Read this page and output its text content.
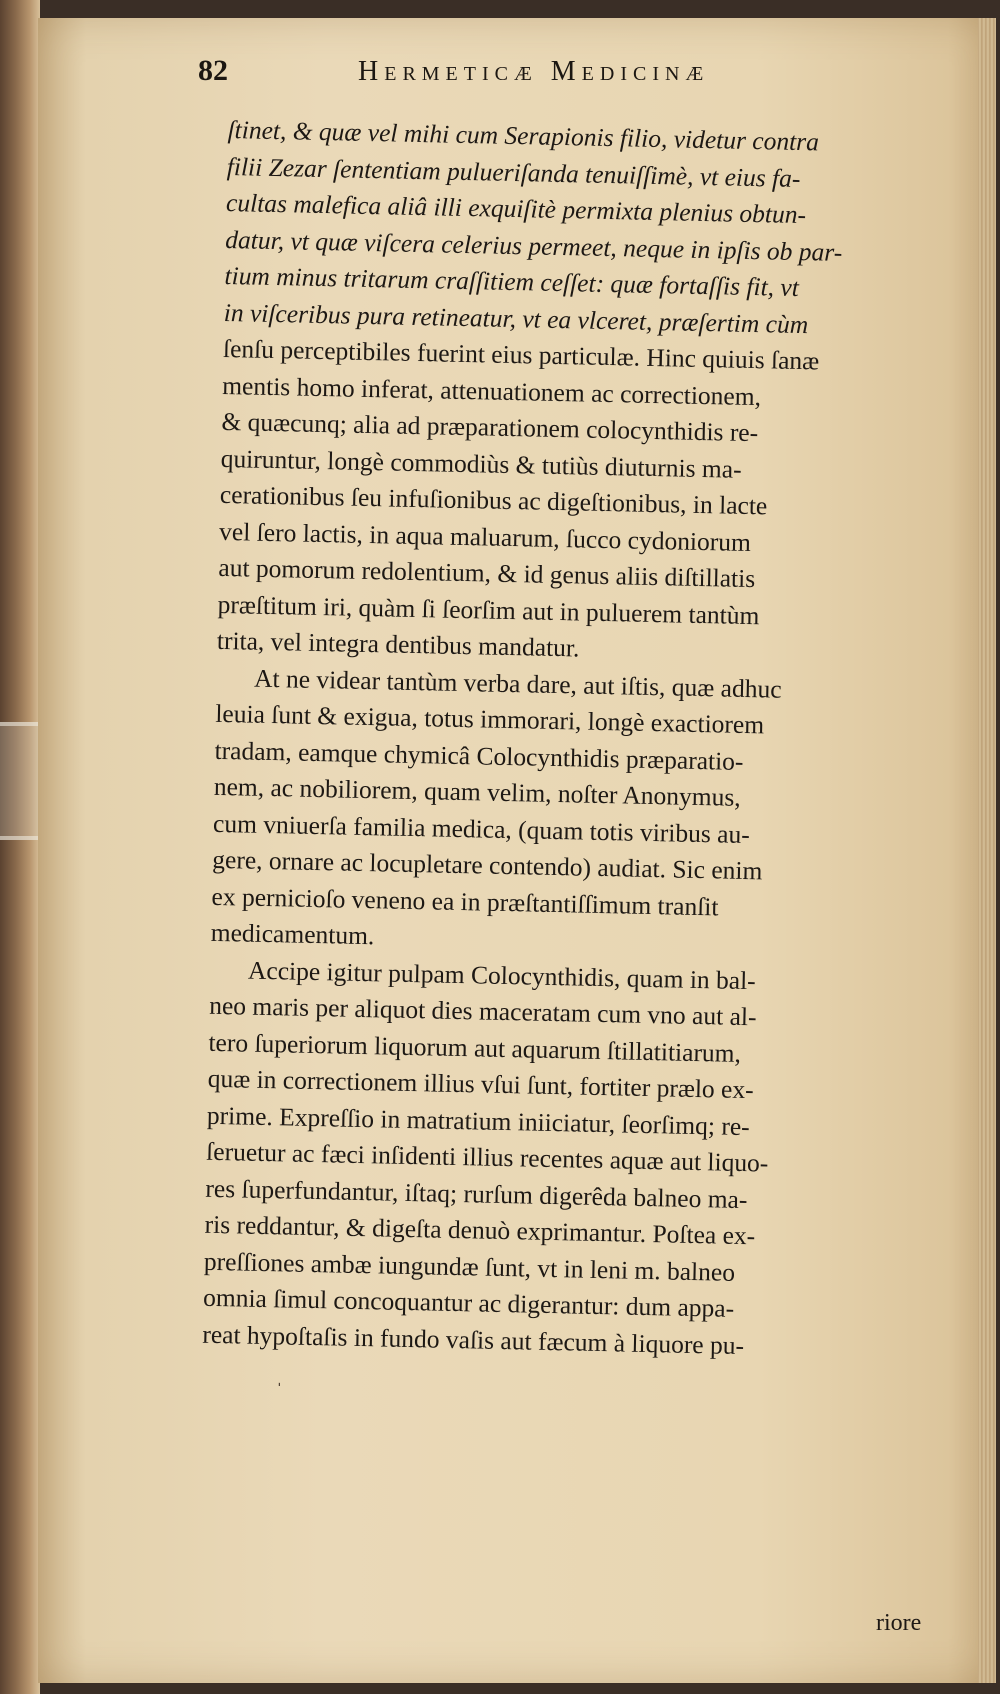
82	Hermeticæ Medicinæ
ſtinet, & quæ vel mihi cum Serapionis filio, videtur contra
filii Zezar ſententiam pulueriſanda tenuiſſimè, vt eius fa-
cultas malefica aliâ illi exquiſitè permixta plenius obtun-
datur, vt quæ viſcera celerius permeet, neque in ipſis ob par-
tium minus tritarum craſſitiem ceſſet: quæ fortaſſis fit, vt
in viſceribus pura retineatur, vt ea vlceret, præſertim cùm
ſenſu perceptibiles fuerint eius particulæ. Hinc quiuis ſanæ
mentis homo inferat, attenuationem ac correctionem,
& quæcunq; alia ad præparationem colocynthidis re-
quiruntur, longè commodiùs & tutiùs diuturnis ma-
cerationibus ſeu infuſionibus ac digeſtionibus, in lacte
vel ſero lactis, in aqua maluarum, ſucco cydoniorum
aut pomorum redolentium, & id genus aliis diſtillatis
præſtitum iri, quàm ſi ſeorſim aut in puluerem tantùm
trita, vel integra dentibus mandatur.
At ne videar tantùm verba dare, aut iſtis, quæ adhuc
leuia ſunt & exigua, totus immorari, longè exactiorem
tradam, eamque chymicâ Colocynthidis præparatio-
nem, ac nobiliorem, quam velim, noſter Anonymus,
cum vniuerſa familia medica, (quam totis viribus au-
gere, ornare ac locupletare contendo) audiat. Sic enim
ex pernicioſo veneno ea in præſtantiſſimum tranſit
medicamentum.
Accipe igitur pulpam Colocynthidis, quam in bal-
neo maris per aliquot dies maceratam cum vno aut al-
tero ſuperiorum liquorum aut aquarum ſtillatitiarum,
quæ in correctionem illius vſui ſunt, fortiter prælo ex-
prime. Expreſſio in matratium iniiciatur, ſeorſimq; re-
ſeruetur ac fæci inſidenti illius recentes aquæ aut liquo-
res ſuperfundantur, iſtaq; rurſum digerêda balneo ma-
ris reddantur, & digeſta denuò exprimantur. Poſtea ex-
preſſiones ambæ iungundæ ſunt, vt in leni m. balneo
omnia ſimul concoquantur ac digerantur: dum appa-
reat hypoſtaſis in fundo vaſis aut fæcum à liquore pu-
riore
ˈ
